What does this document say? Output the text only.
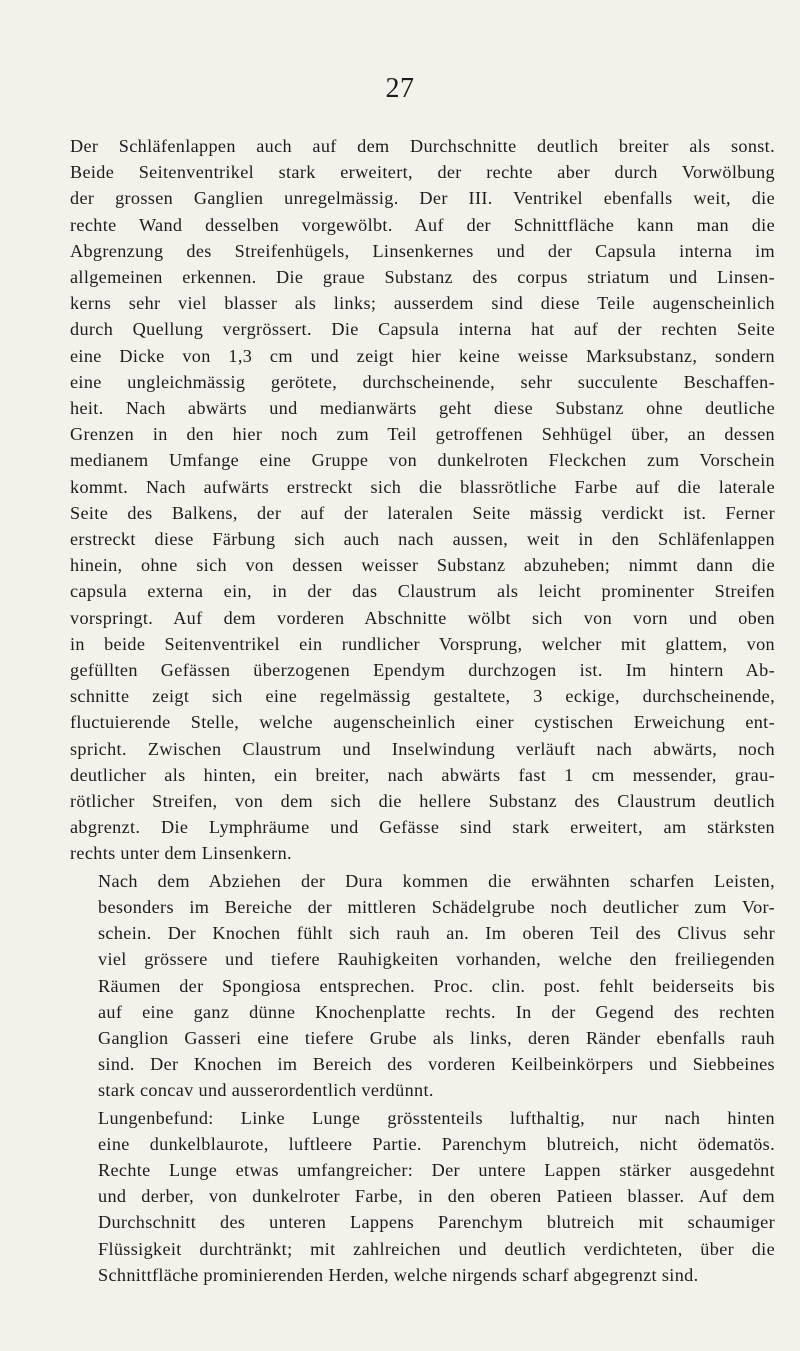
27

Der Schläfenlappen auch auf dem Durchschnitte deutlich breiter als sonst.
Beide Seitenventrikel stark erweitert, der rechte aber durch Vorwölbung
der grossen Ganglien unregelmässig. Der III. Ventrikel ebenfalls weit, die
rechte Wand desselben vorgewölbt. Auf der Schnittfläche kann man die
Abgrenzung des Streifenhügels, Linsenkernes und der Capsula interna im
allgemeinen erkennen. Die graue Substanz des corpus striatum und Linsen-
kerns sehr viel blasser als links; ausserdem sind diese Teile augenscheinlich
durch Quellung vergrössert. Die Capsula interna hat auf der rechten Seite
eine Dicke von 1,3 cm und zeigt hier keine weisse Marksubstanz, sondern
eine ungleichmässig gerötete, durchscheinende, sehr succulente Beschaffen-
heit. Nach abwärts und medianwärts geht diese Substanz ohne deutliche
Grenzen in den hier noch zum Teil getroffenen Sehhügel über, an dessen
medianem Umfange eine Gruppe von dunkelroten Fleckchen zum Vorschein
kommt. Nach aufwärts erstreckt sich die blassrötliche Farbe auf die laterale
Seite des Balkens, der auf der lateralen Seite mässig verdickt ist. Ferner
erstreckt diese Färbung sich auch nach aussen, weit in den Schläfenlappen
hinein, ohne sich von dessen weisser Substanz abzuheben; nimmt dann die
capsula externa ein, in der das Claustrum als leicht prominenter Streifen
vorspringt. Auf dem vorderen Abschnitte wölbt sich von vorn und oben
in beide Seitenventrikel ein rundlicher Vorsprung, welcher mit glattem, von
gefüllten Gefässen überzogenen Ependym durchzogen ist. Im hintern Ab-
schnitte zeigt sich eine regelmässig gestaltete, 3 eckige, durchscheinende,
fluctuierende Stelle, welche augenscheinlich einer cystischen Erweichung ent-
spricht. Zwischen Claustrum und Inselwindung verläuft nach abwärts, noch
deutlicher als hinten, ein breiter, nach abwärts fast 1 cm messender, grau-
rötlicher Streifen, von dem sich die hellere Substanz des Claustrum deutlich
abgrenzt. Die Lymphräume und Gefässe sind stark erweitert, am stärksten
rechts unter dem Linsenkern.

Nach dem Abziehen der Dura kommen die erwähnten scharfen Leisten,
besonders im Bereiche der mittleren Schädelgrube noch deutlicher zum Vor-
schein. Der Knochen fühlt sich rauh an. Im oberen Teil des Clivus sehr
viel grössere und tiefere Rauhigkeiten vorhanden, welche den freiliegenden
Räumen der Spongiosa entsprechen. Proc. clin. post. fehlt beiderseits bis
auf eine ganz dünne Knochenplatte rechts. In der Gegend des rechten
Ganglion Gasseri eine tiefere Grube als links, deren Ränder ebenfalls rauh
sind. Der Knochen im Bereich des vorderen Keilbeinkörpers und Siebbeines
stark concav und ausserordentlich verdünnt.

Lungenbefund: Linke Lunge grösstenteils lufthaltig, nur nach hinten
eine dunkelblaurote, luftleere Partie. Parenchym blutreich, nicht ödematös.
Rechte Lunge etwas umfangreicher: Der untere Lappen stärker ausgedehnt
und derber, von dunkelroter Farbe, in den oberen Patieen blasser. Auf dem
Durchschnitt des unteren Lappens Parenchym blutreich mit schaumiger
Flüssigkeit durchtränkt; mit zahlreichen und deutlich verdichteten, über die
Schnittfläche prominierenden Herden, welche nirgends scharf abgegrenzt sind.
